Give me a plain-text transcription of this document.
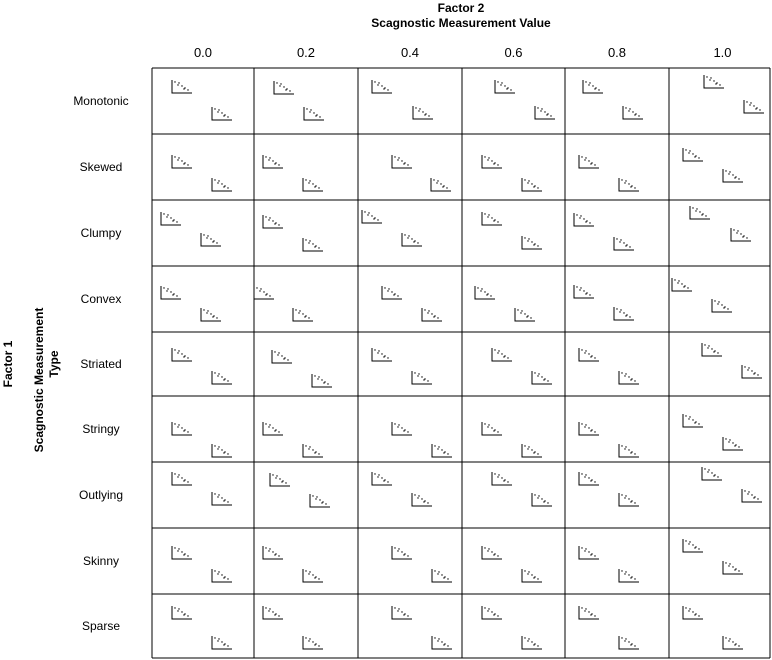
Factor 2
Scagnostic Measurement Value
Factor 1 Scagnostic Measurement Type
0.0	0.2	0.4	0.6	0.8	1.0
Monotonic
Skewed
Clumpy
Convex
Striated
Stringy
Outlying
Skinny
Sparse
